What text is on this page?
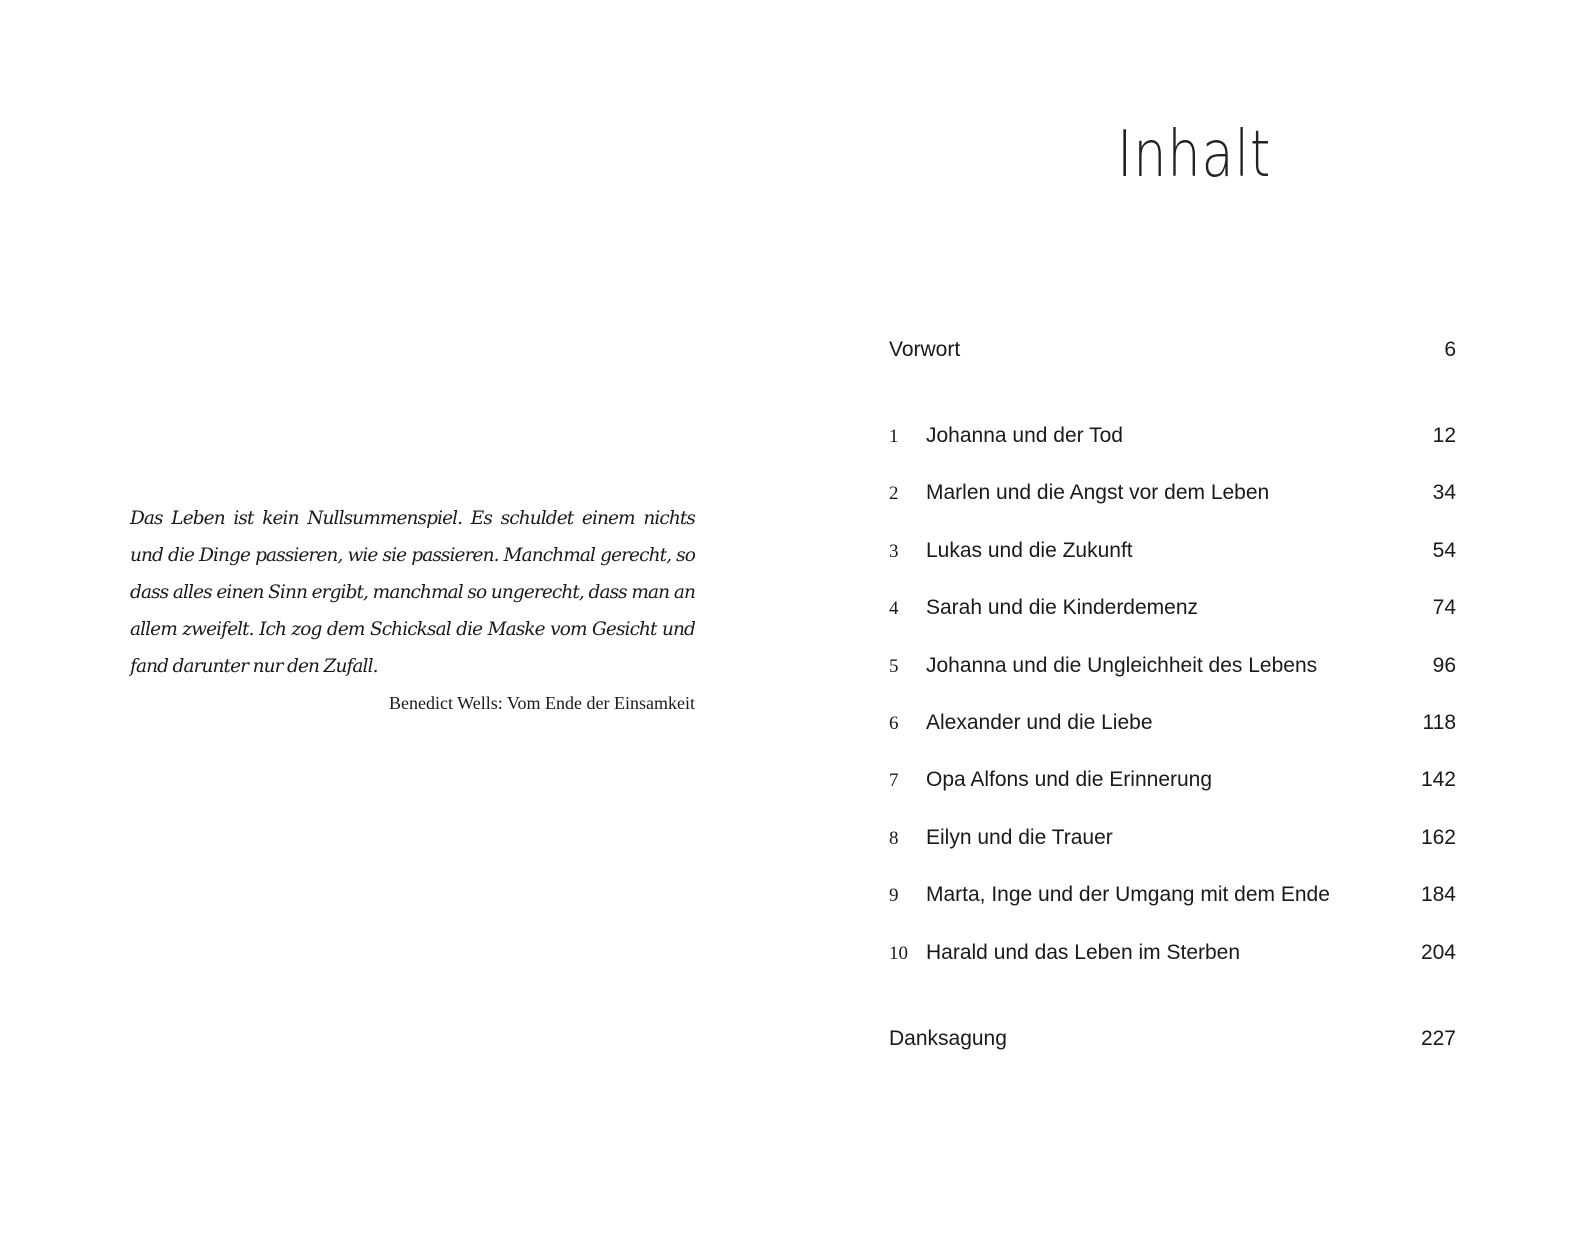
Das Leben ist kein Nullsummenspiel. Es schuldet einem nichts und die Dinge passieren, wie sie passieren. Manchmal gerecht, so dass alles einen Sinn ergibt, manchmal so ungerecht, dass man an allem zweifelt. Ich zog dem Schicksal die Maske vom Gesicht und fand darunter nur den Zufall.

Benedict Wells: Vom Ende der Einsamkeit
Inhalt
Vorwort	6
1 Johanna und der Tod	12
2 Marlen und die Angst vor dem Leben	34
3 Lukas und die Zukunft	54
4 Sarah und die Kinderdemenz	74
5 Johanna und die Ungleichheit des Lebens	96
6 Alexander und die Liebe	118
7 Opa Alfons und die Erinnerung	142
8 Eilyn und die Trauer	162
9 Marta, Inge und der Umgang mit dem Ende	184
10 Harald und das Leben im Sterben	204
Danksagung	227
